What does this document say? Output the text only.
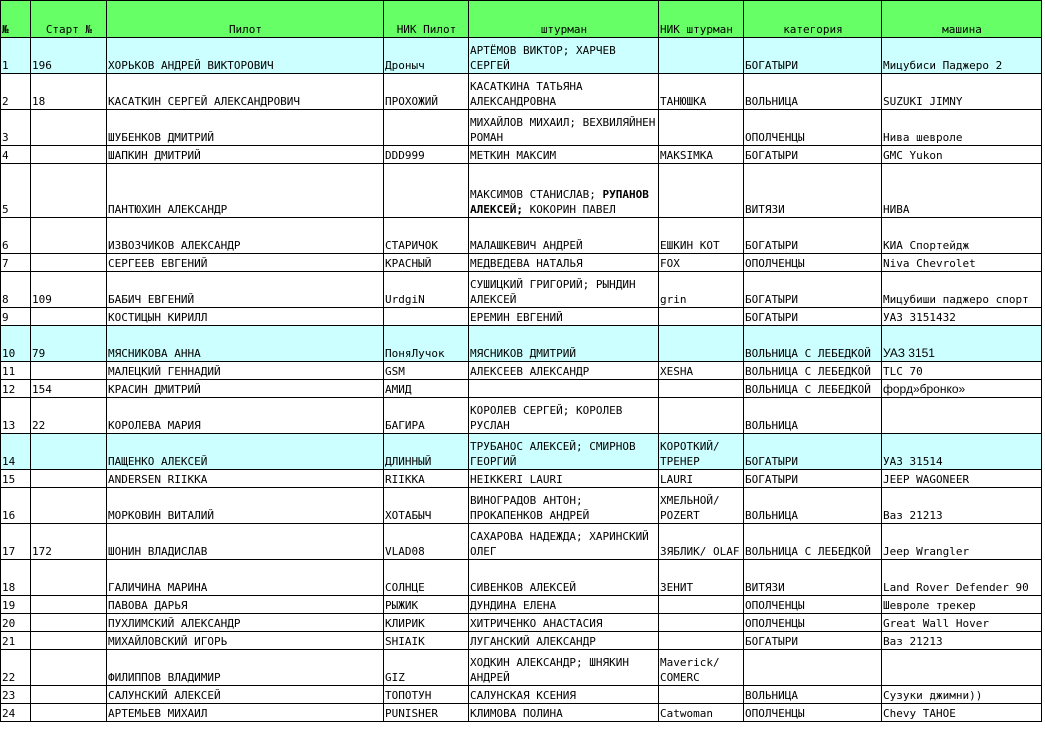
№	Старт №	Пилот	НИК Пилот	штурман	НИК штурман	категория	машина
1	196	ХОРЬКОВ АНДРЕЙ ВИКТОРОВИЧ	Дроныч	АРТЁМОВ ВИКТОР; ХАРЧЕВ СЕРГЕЙ		БОГАТЫРИ	Мицубиси Паджеро 2
2	18	КАСАТКИН СЕРГЕЙ АЛЕКСАНДРОВИЧ	ПРОХОЖИЙ	КАСАТКИНА ТАТЬЯНА АЛЕКСАНДРОВНА	ТАНЮШКА	ВОЛЬНИЦА	SUZUKI JIMNY
3		ШУБЕНКОВ ДМИТРИЙ		МИХАЙЛОВ МИХАИЛ; ВЕХВИЛЯЙНЕН РОМАН		ОПОЛЧЕНЦЫ	Нива шевроле
4		ШАПКИН ДМИТРИЙ	DDD999	МЕТКИН МАКСИМ	MAKSIMKA	БОГАТЫРИ	GMC Yukon
5		ПАНТЮХИН АЛЕКСАНДР		МАКСИМОВ СТАНИСЛАВ; РУПАНОВ АЛЕКСЕЙ; КОКОРИН ПАВЕЛ		ВИТЯЗИ	НИВА
6		ИЗВОЗЧИКОВ АЛЕКСАНДР	СТАРИЧОК	МАЛАШКЕВИЧ АНДРЕЙ	ЕШКИН КОТ	БОГАТЫРИ	КИА Спортейдж
7		СЕРГЕЕВ ЕВГЕНИЙ	КРАСНЫЙ	МЕДВЕДЕВА НАТАЛЬЯ	FOX	ОПОЛЧЕНЦЫ	Niva Chevrolet
8	109	БАБИЧ ЕВГЕНИЙ	UrdgiN	СУШИЦКИЙ ГРИГОРИЙ; РЫНДИН АЛЕКСЕЙ	grin	БОГАТЫРИ	Мицубиши паджеро спорт
9		КОСТИЦЫН КИРИЛЛ		ЕРЕМИН ЕВГЕНИЙ		БОГАТЫРИ	УАЗ 3151432
10	79	МЯСНИКОВА АННА	ПоняЛучок	МЯСНИКОВ ДМИТРИЙ		ВОЛЬНИЦА С ЛЕБЕДКОЙ	УАЗ 3151
11		МАЛЕЦКИЙ ГЕННАДИЙ	GSM	АЛЕКСЕЕВ АЛЕКСАНДР	XESHA	ВОЛЬНИЦА С ЛЕБЕДКОЙ	TLC 70
12	154	КРАСИН ДМИТРИЙ	АМИД			ВОЛЬНИЦА С ЛЕБЕДКОЙ	форд»бронко»
13	22	КОРОЛЕВА МАРИЯ	БАГИРА	КОРОЛЕВ СЕРГЕЙ; КОРОЛЕВ РУСЛАН		ВОЛЬНИЦА	
14		ПАЩЕНКО АЛЕКСЕЙ	ДЛИННЫЙ	ТРУБАНОС АЛЕКСЕЙ; СМИРНОВ ГЕОРГИЙ	КОРОТКИЙ/ ТРЕНЕР	БОГАТЫРИ	УАЗ 31514
15		ANDERSEN RIIKKA	RIIKKA	HEIKKERI LAURI	LAURI	БОГАТЫРИ	JEEP WAGONEER
16		МОРКОВИН ВИТАЛИЙ	ХОТАБЫЧ	ВИНОГРАДОВ АНТОН; ПРОКАПЕНКОВ АНДРЕЙ	ХМЕЛЬНОЙ/ POZERT	ВОЛЬНИЦА	Ваз 21213
17	172	ШОНИН ВЛАДИСЛАВ	VLAD08	САХАРОВА НАДЕЖДА; ХАРИНСКИЙ ОЛЕГ	ЗЯБЛИК/ OLAF	ВОЛЬНИЦА С ЛЕБЕДКОЙ	Jeep Wrangler
18		ГАЛИЧИНА МАРИНА	СОЛНЦЕ	СИВЕНКОВ АЛЕКСЕЙ	ЗЕНИТ	ВИТЯЗИ	Land Rover Defender 90
19		ПАВОВА ДАРЬЯ	РЫЖИК	ДУНДИНА ЕЛЕНА		ОПОЛЧЕНЦЫ	Шевроле трекер
20		ПУХЛИМСКИЙ АЛЕКСАНДР	КЛИРИК	ХИТРИЧЕНКО АНАСТАСИЯ		ОПОЛЧЕНЦЫ	Great Wall Hover
21		МИХАЙЛОВСКИЙ ИГОРЬ	SHIAIK	ЛУГАНСКИЙ АЛЕКСАНДР		БОГАТЫРИ	Ваз 21213
22		ФИЛИППОВ ВЛАДИМИР	GIZ	ХОДКИН АЛЕКСАНДР; ШНЯКИН АНДРЕЙ	Maverick/ COMERC		
23		САЛУНСКИЙ АЛЕКСЕЙ	ТОПОТУН	САЛУНСКАЯ КСЕНИЯ		ВОЛЬНИЦА	Сузуки джимни))
24		АРТЕМЬЕВ МИХАИЛ	PUNISHER	КЛИМОВА ПОЛИНА	Catwoman	ОПОЛЧЕНЦЫ	Chevy TAHOE
